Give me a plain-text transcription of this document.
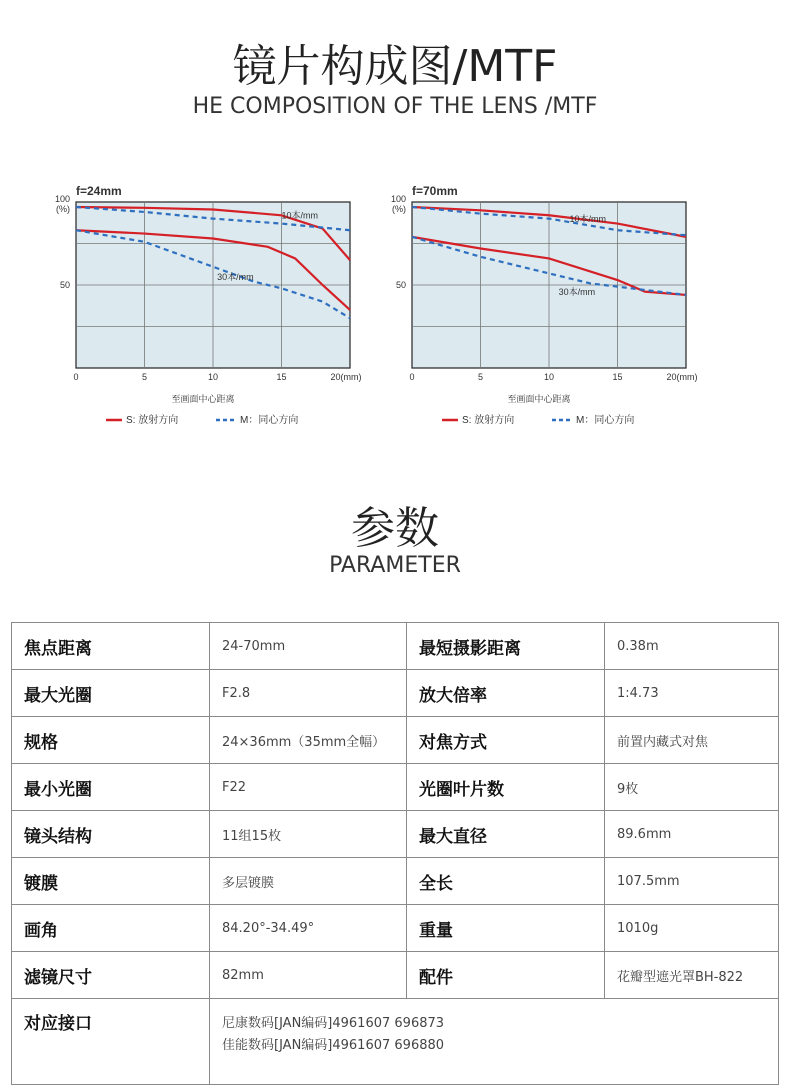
镜片构成图/MTF
HE COMPOSITION OF THE LENS /MTF
f=24mm
100
(%)
50
0	5	10	15	20(mm)
至画面中心距离
10本/mm
30本/mm
S: 放射方向	M：同心方向
f=70mm
100
(%)
50
0	5	10	15	20(mm)
至画面中心距离
10本/mm
30本/mm
S: 放射方向	M：同心方向
参数
PARAMETER
焦点距离	24-70mm	最短摄影距离	0.38m
最大光圈	F2.8	放大倍率	1:4.73
规格	24×36mm（35mm全幅）	对焦方式	前置内藏式对焦
最小光圈	F22	光圈叶片数	9枚
镜头结构	11组15枚	最大直径	89.6mm
镀膜	多层镀膜	全长	107.5mm
画角	84.20°-34.49°	重量	1010g
滤镜尺寸	82mm	配件	花瓣型遮光罩BH-822
对应接口	尼康数码[JAN编码]4961607 696873
佳能数码[JAN编码]4961607 696880		
